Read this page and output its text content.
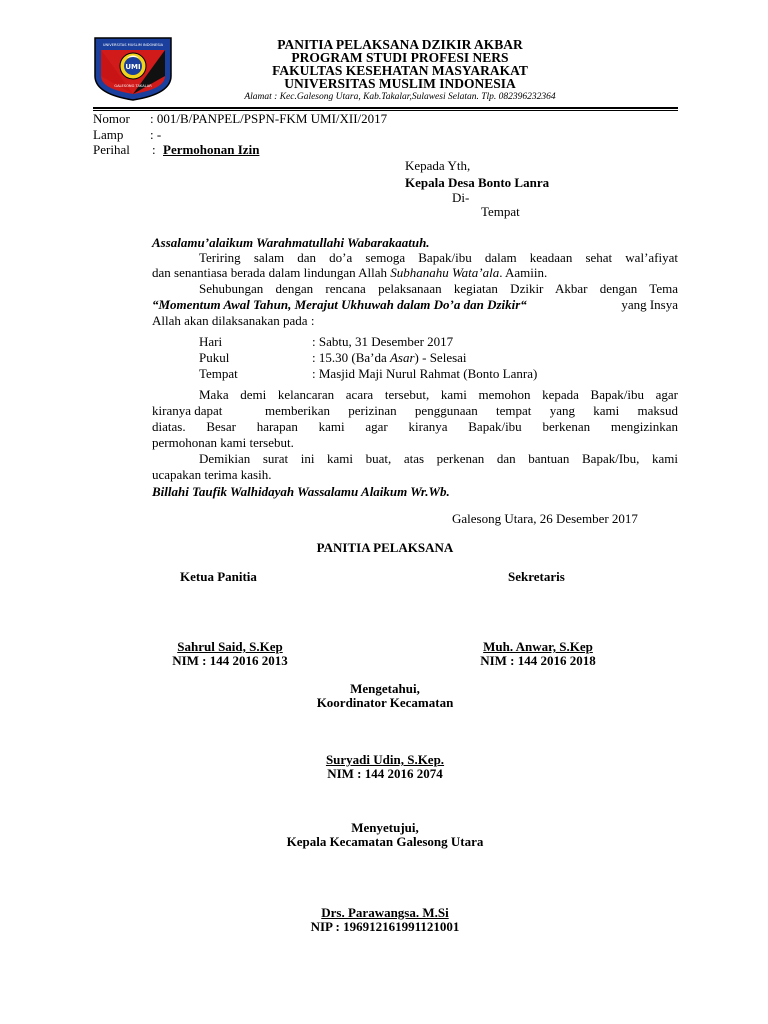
UMI
UNIVERSITAS MUSLIM INDONESIA
GALESONG TAKALAR
PANITIA PELAKSANA DZIKIR AKBAR
PROGRAM STUDI PROFESI NERS
FAKULTAS KESEHATAN MASYARAKAT
UNIVERSITAS MUSLIM INDONESIA
Alamat : Kec.Galesong Utara, Kab.Takalar,Sulawesi Selatan. Tlp. 082396232364
Nomor : 001/B/PANPEL/PSPN-FKM UMI/XII/2017
Lamp : -
Perihal : Permohonan Izin
Kepada Yth,
Kepala Desa Bonto Lanra
Di-
Tempat
Assalamu’alaikum Warahmatullahi Wabarakaatuh.
Teriring salam dan do’a semoga Bapak/ibu dalam keadaan sehat wal’afiyat
dan senantiasa berada dalam lindungan Allah Subhanahu Wata’ala. Aamiin.
Sehubungan dengan rencana pelaksanaan kegiatan Dzikir Akbar dengan Tema
“Momentum Awal Tahun, Merajut Ukhuwah dalam Do’a dan Dzikir“	yang Insya
Allah akan dilaksanakan pada :
Hari	: Sabtu, 31 Desember 2017
Pukul	: 15.30 (Ba’da Asar) - Selesai
Tempat	: Masjid Maji Nurul Rahmat (Bonto Lanra)
Maka demi kelancaran acara tersebut, kami memohon kepada Bapak/ibu agar
kiranya dapat	memberikan perizinan penggunaan tempat yang kami maksud
diatas. Besar harapan kami agar kiranya Bapak/ibu berkenan mengizinkan
permohonan kami tersebut.
Demikian surat ini kami buat, atas perkenan dan bantuan Bapak/Ibu, kami
ucapakan terima kasih.
Billahi Taufik Walhidayah Wassalamu Alaikum Wr.Wb.
Galesong Utara, 26 Desember 2017
PANITIA PELAKSANA
Ketua Panitia	Sekretaris
Sahrul Said, S.Kep
NIM : 144 2016 2013
Muh. Anwar, S.Kep
NIM : 144 2016 2018
Mengetahui,
Koordinator Kecamatan
Suryadi Udin, S.Kep.
NIM : 144 2016 2074
Menyetujui,
Kepala Kecamatan Galesong Utara
Drs. Parawangsa. M.Si
NIP : 196912161991121001
